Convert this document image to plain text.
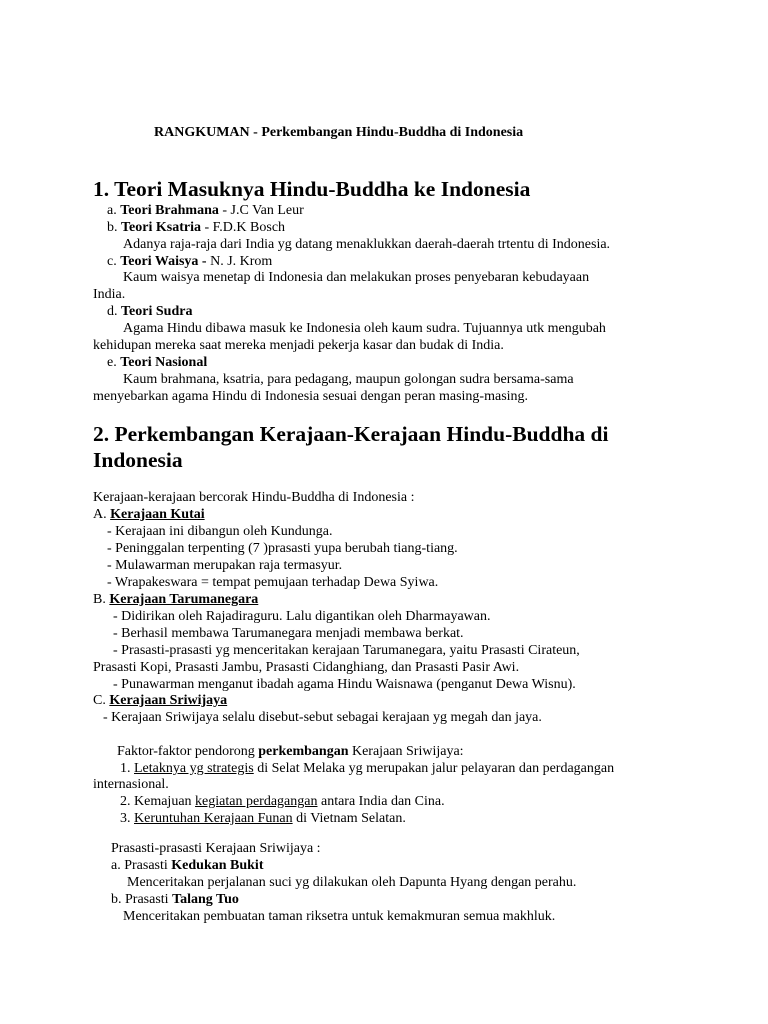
RANGKUMAN - Perkembangan Hindu-Buddha di Indonesia
1. Teori Masuknya Hindu-Buddha ke Indonesia
a. Teori Brahmana - J.C Van Leur
b. Teori Ksatria - F.D.K Bosch
Adanya raja-raja dari India yg datang menaklukkan daerah-daerah trtentu di Indonesia.
c. Teori Waisya - N. J. Krom
Kaum waisya menetap di Indonesia dan melakukan proses penyebaran kebudayaan
India.
d. Teori Sudra
Agama Hindu dibawa masuk ke Indonesia oleh kaum sudra. Tujuannya utk mengubah
kehidupan mereka saat mereka menjadi pekerja kasar dan budak di India.
e. Teori Nasional
Kaum brahmana, ksatria, para pedagang, maupun golongan sudra bersama-sama
menyebarkan agama Hindu di Indonesia sesuai dengan peran masing-masing.
2. Perkembangan Kerajaan-Kerajaan Hindu-Buddha di
Indonesia
Kerajaan-kerajaan bercorak Hindu-Buddha di Indonesia :
A. Kerajaan Kutai
- Kerajaan ini dibangun oleh Kundunga.
- Peninggalan terpenting (7 )prasasti yupa berubah tiang-tiang.
- Mulawarman merupakan raja termasyur.
- Wrapakeswara = tempat pemujaan terhadap Dewa Syiwa.
B. Kerajaan Tarumanegara
- Didirikan oleh Rajadiraguru. Lalu digantikan oleh Dharmayawan.
- Berhasil membawa Tarumanegara menjadi membawa berkat.
- Prasasti-prasasti yg menceritakan kerajaan Tarumanegara, yaitu Prasasti Cirateun,
Prasasti Kopi, Prasasti Jambu, Prasasti Cidanghiang, dan Prasasti Pasir Awi.
- Punawarman menganut ibadah agama Hindu Waisnawa (penganut Dewa Wisnu).
C. Kerajaan Sriwijaya
- Kerajaan Sriwijaya selalu disebut-sebut sebagai kerajaan yg megah dan jaya.
Faktor-faktor pendorong perkembangan Kerajaan Sriwijaya:
1. Letaknya yg strategis di Selat Melaka yg merupakan jalur pelayaran dan perdagangan
internasional.
2. Kemajuan kegiatan perdagangan antara India dan Cina.
3. Keruntuhan Kerajaan Funan di Vietnam Selatan.
Prasasti-prasasti Kerajaan Sriwijaya :
a. Prasasti Kedukan Bukit
Menceritakan perjalanan suci yg dilakukan oleh Dapunta Hyang dengan perahu.
b. Prasasti Talang Tuo
Menceritakan pembuatan taman riksetra untuk kemakmuran semua makhluk.
